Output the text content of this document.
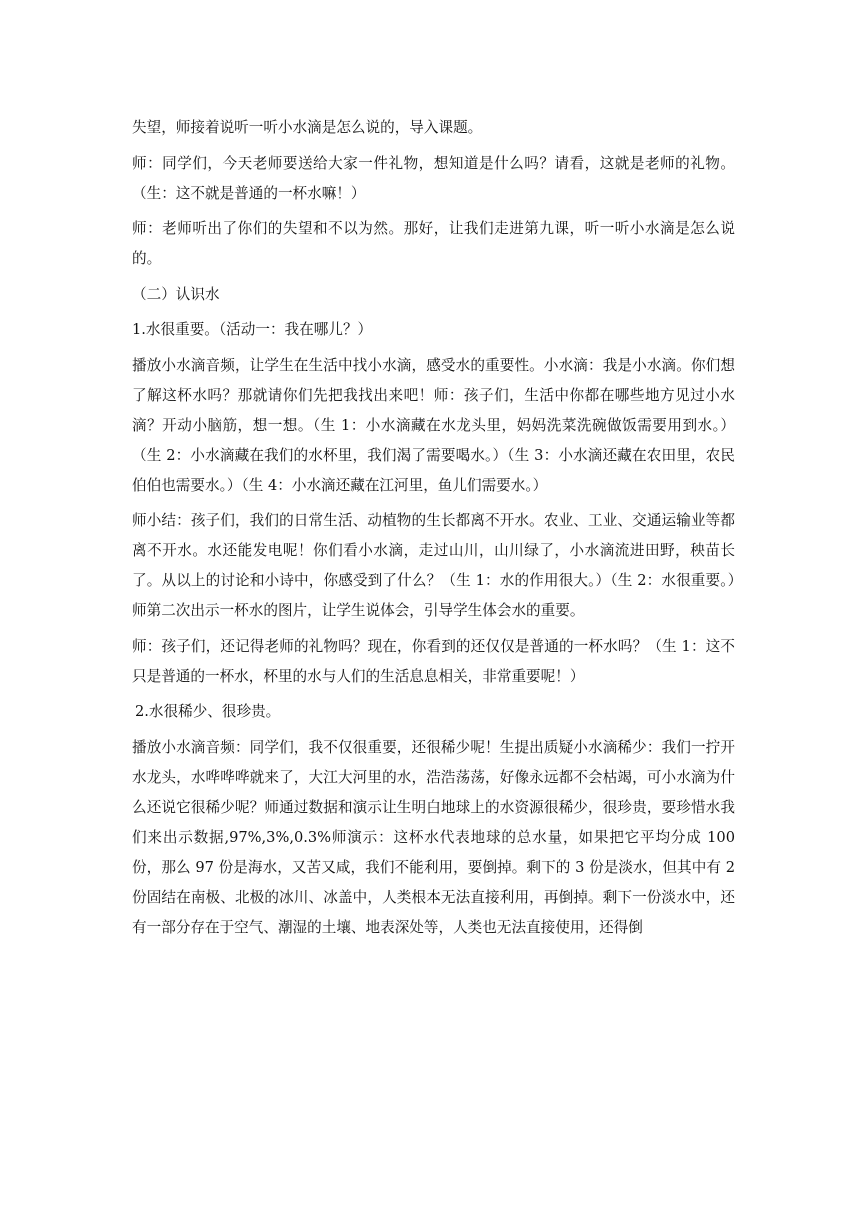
失望，师接着说听一听小水滴是怎么说的，导入课题。

师：同学们，今天老师要送给大家一件礼物，想知道是什么吗？请看，这就是老师的礼物。（生：这不就是普通的一杯水嘛！）

师：老师听出了你们的失望和不以为然。那好，让我们走进第九课，听一听小水滴是怎么说的。

（二）认识水

1.水很重要。（活动一：我在哪儿？）

播放小水滴音频，让学生在生活中找小水滴，感受水的重要性。小水滴：我是小水滴。你们想了解这杯水吗？那就请你们先把我找出来吧！师：孩子们，生活中你都在哪些地方见过小水滴？开动小脑筋，想一想。（生 1：小水滴藏在水龙头里，妈妈洗菜洗碗做饭需要用到水。）（生 2：小水滴藏在我们的水杯里，我们渴了需要喝水。）（生 3：小水滴还藏在农田里，农民伯伯也需要水。）（生 4：小水滴还藏在江河里，鱼儿们需要水。）

师小结：孩子们，我们的日常生活、动植物的生长都离不开水。农业、工业、交通运输业等都离不开水。水还能发电呢！你们看小水滴，走过山川，山川绿了，小水滴流进田野，秧苗长了。从以上的讨论和小诗中，你感受到了什么？（生 1：水的作用很大。）（生 2：水很重要。）师第二次出示一杯水的图片，让学生说体会，引导学生体会水的重要。

师：孩子们，还记得老师的礼物吗？现在，你看到的还仅仅是普通的一杯水吗？（生 1：这不只是普通的一杯水，杯里的水与人们的生活息息相关，非常重要呢！）

2.水很稀少、很珍贵。

播放小水滴音频：同学们，我不仅很重要，还很稀少呢！生提出质疑小水滴稀少：我们一拧开水龙头，水哗哗哗就来了，大江大河里的水，浩浩荡荡，好像永远都不会枯竭，可小水滴为什么还说它很稀少呢？师通过数据和演示让生明白地球上的水资源很稀少，很珍贵，要珍惜水我们来出示数据,97%,3%,0.3%师演示：这杯水代表地球的总水量，如果把它平均分成 100 份，那么 97 份是海水，又苦又咸，我们不能利用，要倒掉。剩下的 3 份是淡水，但其中有 2 份固结在南极、北极的冰川、冰盖中，人类根本无法直接利用，再倒掉。剩下一份淡水中，还有一部分存在于空气、潮湿的土壤、地表深处等，人类也无法直接使用，还得倒
